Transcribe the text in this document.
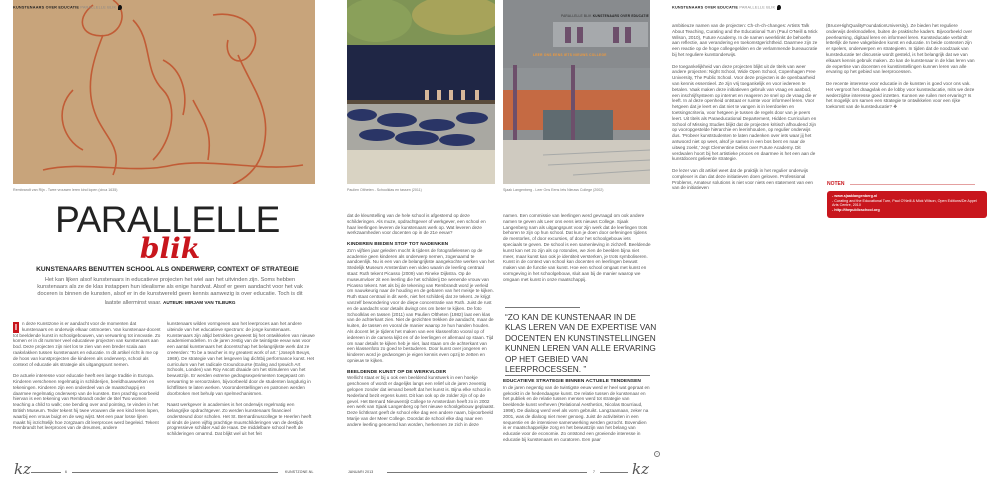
KUNSTENAARS OVER EDUCATIE PARALLELLE BLIK
Rembrandt van Rijn - Twee vrouwen leren kind lopen (circa 1635)	Paulien Oltheten - Schoolklas en tassen (2011)
LEER ONS EENS IETS NIEUWS COLLEGE
PARALLELLE BLIK KUNSTENAARS OVER EDUCATIE
Sjaak Langenberg - Leer Ons Eens Iets Nieuws College (2002)
PARALLELLE
blik
KUNSTENAARS BENUTTEN SCHOOL ALS ONDERWERP, CONTEXT OF STRATEGIE
Het kan lijken alsof kunstenaars in educatieve projecten het wiel aan het uitvinden zijn. Soms hebben kunstenaars als ze de klas instappen hun idealisme als enige handvat. Alsof er geen aandacht voor het vak doceren is binnen de kunsten, alsof er in de kunstwereld geen kennis aanwezig is over educatie. Toch is dit laatste allerminst waar. AUTEUR: MIRJAM VAN TILBURG

I	n deze Kunstzone is er aandacht voor de momenten dat kunstenaars en onderwijs elkaar ontmoeten. Van kunstenaar-docent tot beeldende kunst in schoolgebouwen, van verwarring tot innovatie. Zo komen er in dit nummer veel educatieve projecten van kunstenaars aan bod. Deze projecten zijn niet los te zien van een breder scala aan raakvlakken tussen kunstenaars en educatie. In dit artikel richt ik me op de hoos van kunstprojecten die kinderen als onderwerp, school als context of educatie als strategie als uitgangspunt nemen.

De actuele interesse voor educatie heeft een lange traditie in Europa. Kinderen verschenen regelmatig in schilderijen, beeldhouwwerken en tekeningen. Kinderen zijn een onderdeel van de maatschappij en daarmee regelmatig onderwerp van de kunsten. Een prachtig voorbeeld hiervan is een tekening van Rembrandt onder de titel Two women teaching a child to walk; one bending over and pointing, te vinden in het British Museum. Teder tekent hij twee vrouwen die een kind leren lopen, waarbij een vrouw buigt en de weg wijst. Met een paar losse lijnen maakt hij inzichtelijk hoe zorgzaam dit leerproces werd begeleid. Tekent Rembrandt het leerproces van de dreumes, andere

kunstenaars wilden vormgeven aan het leerproces aan het andere uiteinde van het educatieve spectrum: de jonge kunstenaars. Kunstenaars zijn altijd betrokken geweest bij het ontwikkelen van nieuwe academiemodellen. In de jaren zestig van de twintigste eeuw was voor een aantal kunstenaars het docentschap het belangrijkste werk dat ze creëerden: 'To be a teacher is my greatest work of art.' (Joseph Beuys, 1969). De strategie van het lesgeven lag dichtbij performance kunst. Het curriculum van het radicale Groundcourse (Ealing and Ipswich Art Schools, Londen) van Roy Ascott draaide om het stimuleren van het bewustzijn. Er werden extreme gedragsexperimenten toegepast om verwarring te veroorzaken, bijvoorbeeld door de studenten langdurig in lichtflitsen te laten werken. Vooronderstellingen en patronen werden doorbroken met behulp van spelmechanismen.

Naast werkgever in academies is het onderwijs regelmatig een belangrijke opdrachtgever. Zo werden kunstenaars financieel ondersteund door scholen. Het St. Bernardinuscollege te Heerlen heeft al sinds de jaren vijftig prachtige muurschilderingen van de destijds progressieve schilder Aad de Haas. De middelbare school heeft de schilderingen omarmd. Dat blijkt wel uit het feit

dat de kleurstelling van de hele school is afgestemd op deze schilderingen. Als muze, opdrachtgever of werkgever, een school en haar leerlingen leveren de kunstenaars werk op. Wat leveren deze werkzaamheden voor docenten op in de 21e eeuw?

KINDEREN BIEDEN STOF TOT NADENKEN

Zo'n vijftien jaar geleden mocht ik tijdens de fotografielessen op de academie geen kinderen als onderwerp nemen, zogenaamd te aandoenlijk. Nu is een van de belangrijkste aangekochte werken van het Stedelijk Museum Amsterdam een video waarin de leerling centraal staat: Ruth tekent Picasso (2009) van Rineke Dijkstra. Op de museumvloer zit een leerling die het schilderij De wenende vrouw van Picasso tekent. Net als bij de tekening van Rembrandt word je verleid om nauwkeurig naar de houding en de gebaren van het meisje te kijken. Ruth staat centraal in dit werk, niet het schilderij dat ze tekent. Je krijgt vanzelf bewondering voor de diepe concentratie van Ruth. Juist de rust en de aandacht voor details dwingt ons om beter te kijken. De foto Schoolklas en tassen (2011) van Paulien Oltheten (1982) laat een klas van de achterkant zien. Niet de gezichten trekken de aandacht, maar de kuiten, de tassen en vooral de manier waarop ze hun handen houden. Als docent let je tijdens het maken van een klassenfoto vooral op of iedereen in de camera kijkt en of de leerlingen er allemaal op staan. Tijd om naar details te kijken heb je niet, laat staan om de achterkant van een klassenfoto zo goed te bestuderen. Door kunst over jongeren en kinderen word je gedwongen je eigen kennis even opzij te zetten en opnieuw te kijken.

BEELDENDE KUNST OP DE WERKVLOER

Wellicht staat er bij u ook een beeldend kunstwerk in een hoekje geschoven of wordt er dagelijks langs een reliëf uit de jaren zeventig gelopen zonder dat iemand beseft dat het kunst is. Bijna elke school in Nederland bezit ergens kunst. Dit kan ook op de zolder zijn of op de gevel. Het Bernard Nieuwentijt College te Amsterdam heeft zo in 2002 een werk van Sjaak Langenberg op het nieuwe schoolgebouw geplaatst. Deze lichtkrant geeft de school elke dag een andere naam, bijvoorbeeld Marije van der Meer College. Doordat de school elke dag naar een andere leerling genoemd kan worden, herkennen ze zich in deze

namen. Een commissie van leerlingen werd gevraagd om ook andere namen te geven als Leer ons eens iets nieuws College. Sjaak Langenberg nam als uitgangspunt voor zijn werk dat de leerlingen trots behoren te zijn op hun school. Dat kun je doen door oefeningen tijdens de mentorles, of door excursies, of door het schoolgebouw iets speciaals te geven. De school is een samenleving in zichzelf. Beeldende kunst kan net zo zijn als op rotondes, we zien de beelden bijna niet meer, maar kunst kan ook je identiteit versterken, je trots symboliseren. Kunst in de context van school kan docenten en leerlingen bewust maken van de functie van kunst. Hoe een school omgaat met kunst en vormgeving in het schoolgebouw, sluit aan bij de manier waarop we omgaan met kunst in onze maatschappij.

“ZO KAN DE KUNSTENAAR IN DE KLAS LEREN VAN DE EXPERTISE VAN DOCENTEN EN KUNSTINSTELLINGEN KUNNEN LEREN VAN ALLE ERVARING OP HET GEBIED VAN LEERPROCESSEN. ”
EDUCATIEVE STRATEGIE BINNEN ACTUELE TENDENSEN

In de jaren negentig van de twintigste eeuw werd er heel wat gepraat en gekookt in de hedendaagse kunst. De relatie tussen de kunstenaar en het publiek en de relatie tussen mensen werd tot strategie van beeldende kunst verheven (Relational Aesthetics, Nicolas Bourriaud, 1998). De dialoog werd veel als vorm gebruikt. Langzaamaan, zeker na 2001, was de dialoog niet meer genoeg. Juist de activiteiten in een sequentie en de intensieve samenwerking werden gezocht. Bovendien is er maatschappelijke zorg en het bewustzijn van het belang van educatie voor de economie. Zo ontstond een groeiende interesse in educatie bij kunstenaars en curatoren. Een paar

›
KUNSTENAARS OVER EDUCATIE PARALLELLE BLIK

ambitieuze namen van de projecten: Ch-ch-ch-changes: Artists Talk About Teaching, Curating and the Educational Turn (Paul O'Neill & Mick Wilson, 2010), Future Academy. In de namen weerklinkt de behoefte aan reflectie, aan verandering en toekomstgerichtheid. Daarmee zijn ze een reactie op de hoge collegegelden en de verlammende bureaucratie bij het reguliere kunstonderwijs.

De toegankelijkheid van deze projecten blijkt uit de titels van weer andere projecten: Night School, Wide Open School, Copenhagen Free University, The Public School. Voor deze projecten is de openbaarheid van kennis essentieel. Ze zijn vrij toegankelijk en voor iedereen te betalen. Vaak maken deze initiatieven gebruik van vraag en aanbod, een inschrijfsysteem op internet en reageren ze snel op de vraag die er leeft. In al deze openheid ontstaat er ruimte voor informeel leren. Voor hetgeen dat je leert en dat niet te vangen is in leerdoelen en toetsingscriteria, voor hetgeen je tussen de regels door van je peers leert. Uit titels als Paraeducational Departement, Hidden Curriculum en School of Missing Studies blijkt dat de projecten kritisch afhoudend zijn op vooropgestelde hiërarchie en leerinhouden, op regulier onderwijs dus. 'Probeer kunststudenten te laten nadenken over iets waar jij het antwoord niet op weet, alsof je samen in een bos bent en naar de uitweg zoekt,' zegt Clementine Deliss over Future Academy. Dit verdwalen hoort bij het artistieke proces en daarmee is het een aan de kunstdocent gelieerde strategie.

De lezer van dit artikel weet dat de praktijk in het regulier onderwijs complexer is dan dat deze initiatieven doen geloven. Professional Problems, Amateur solutions is niet voor niets een statement van een van de initiatieven

(BruceHighQualityFoundationUniversity). Ze bieden het reguliere onderwijs denkmodellen, buiten de praktische kaders. Bijvoorbeeld over peerlearning, digitaal leren en informeel leren. Kunsteducatie verbindt letterlijk de twee vakgebieden kunst en educatie. In beide contexten zijn er spelers, onderwerpen en strategieën. In tijden dat de noodzaak van kunsteducatie ter discussie wordt gesteld, is het belangrijk dat we van elkaars kennis gebruik maken. Zo kan de kunstenaar in de klas leren van de expertise van docenten en kunstinstellingen kunnen leren van alle ervaring op het gebied van leerprocessen.

De recente interesse voor educatie in de kunsten is goed voor ons vak. Het vergroot het draagvlak en de lobby voor kunsteducatie, mits we deze wederzijdse interesse goed inzetten. Kunnen we ruilen met ervaring? Is het mogelijk om samen een strategie te ontwikkelen voor een rijke toekomst van de kunsteducatie? ❖

NOTEN
- www.sjaaklangenberg.nl
- Curating and the Educational Turn, Paul O'Neill & Mick Wilson, Open Editions/De Appel Arts Centre, 2010
- http://thepublicschool.org
kz	6	KUNSTZONE.NL	JANUARI 2013	7 kz
